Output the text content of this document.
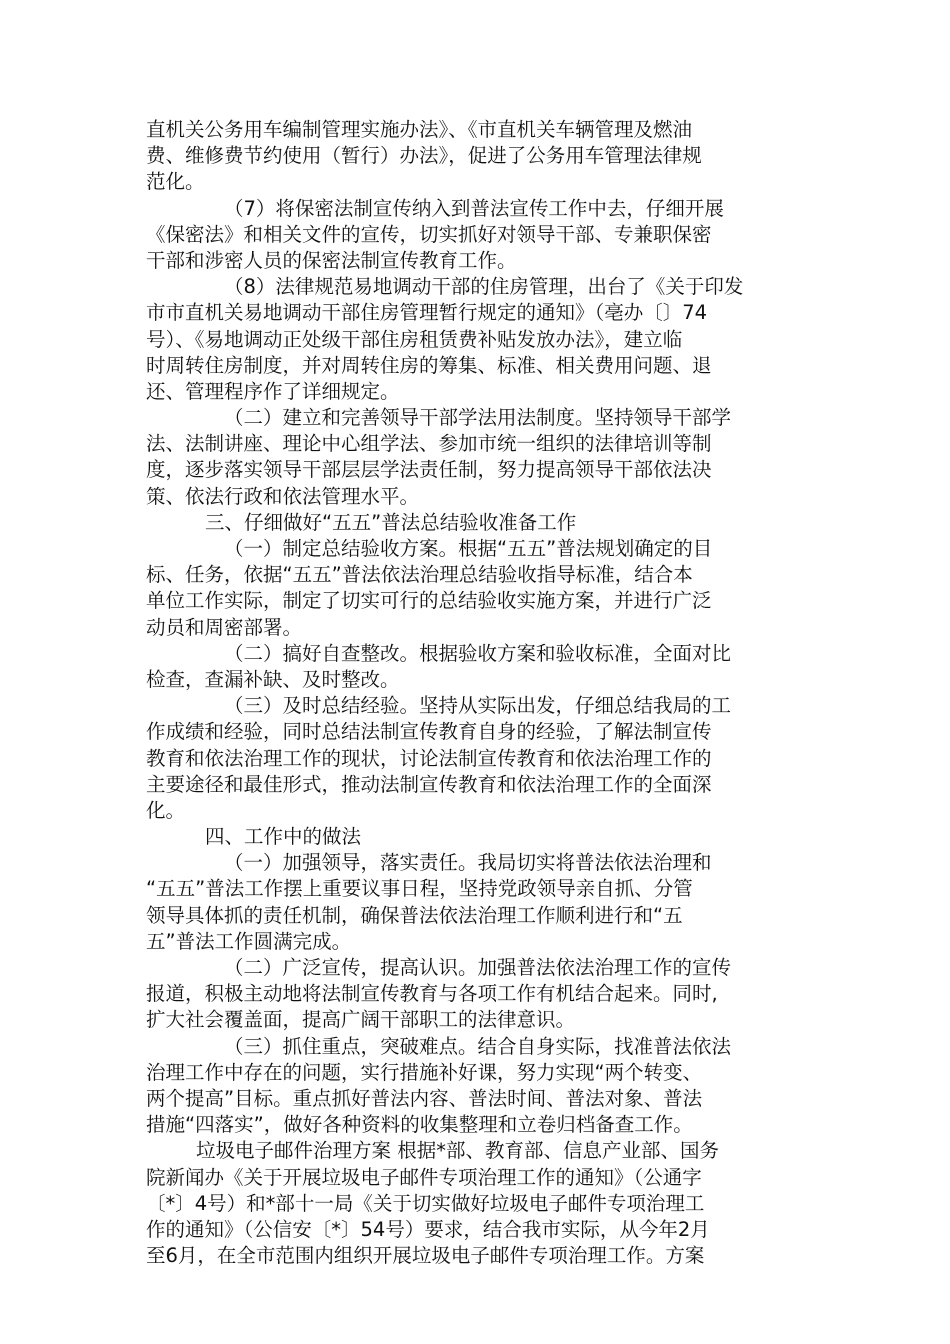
直机关公务用车编制管理实施办法》、《市直机关车辆管理及燃油
费、维修费节约使用（暂行）办法》，促进了公务用车管理法律规
范化。
（7）将保密法制宣传纳入到普法宣传工作中去，仔细开展
《保密法》和相关文件的宣传，切实抓好对领导干部、专兼职保密
干部和涉密人员的保密法制宣传教育工作。
（8）法律规范易地调动干部的住房管理，出台了《关于印发
市市直机关易地调动干部住房管理暂行规定的通知》（亳办〔〕74
号）、《易地调动正处级干部住房租赁费补贴发放办法》，建立临
时周转住房制度，并对周转住房的筹集、标准、相关费用问题、退
还、管理程序作了详细规定。
（二）建立和完善领导干部学法用法制度。坚持领导干部学
法、法制讲座、理论中心组学法、参加市统一组织的法律培训等制
度，逐步落实领导干部层层学法责任制，努力提高领导干部依法决
策、依法行政和依法管理水平。
三、仔细做好“五五”普法总结验收准备工作
（一）制定总结验收方案。根据“五五”普法规划确定的目
标、任务，依据“五五”普法依法治理总结验收指导标准，结合本
单位工作实际，制定了切实可行的总结验收实施方案，并进行广泛
动员和周密部署。
（二）搞好自查整改。根据验收方案和验收标准，全面对比
检查，查漏补缺、及时整改。
（三）及时总结经验。坚持从实际出发，仔细总结我局的工
作成绩和经验，同时总结法制宣传教育自身的经验，了解法制宣传
教育和依法治理工作的现状，讨论法制宣传教育和依法治理工作的
主要途径和最佳形式，推动法制宣传教育和依法治理工作的全面深
化。
四、工作中的做法
（一）加强领导，落实责任。我局切实将普法依法治理和
“五五”普法工作摆上重要议事日程，坚持党政领导亲自抓、分管
领导具体抓的责任机制，确保普法依法治理工作顺利进行和“五
五”普法工作圆满完成。
（二）广泛宣传，提高认识。加强普法依法治理工作的宣传
报道，积极主动地将法制宣传教育与各项工作有机结合起来。同时,
扩大社会覆盖面，提高广阔干部职工的法律意识。
（三）抓住重点，突破难点。结合自身实际，找准普法依法
治理工作中存在的问题，实行措施补好课，努力实现“两个转变、
两个提高”目标。重点抓好普法内容、普法时间、普法对象、普法
措施“四落实”，做好各种资料的收集整理和立卷归档备查工作。
垃圾电子邮件治理方案 根据*部、教育部、信息产业部、国务
院新闻办《关于开展垃圾电子邮件专项治理工作的通知》（公通字
〔*〕4号）和*部十一局《关于切实做好垃圾电子邮件专项治理工
作的通知》（公信安〔*〕54号）要求，结合我市实际，从今年2月
至6月，在全市范围内组织开展垃圾电子邮件专项治理工作。方案
